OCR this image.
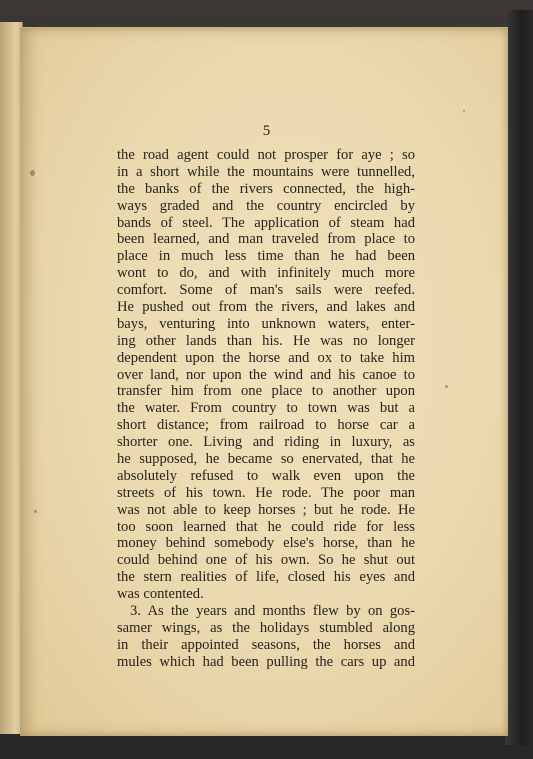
5
the road agent could not prosper for aye ; so
in a short while the mountains were tunnelled,
the banks of the rivers connected, the high-
ways graded and the country encircled by
bands of steel. The application of steam had
been learned, and man traveled from place to
place in much less time than he had been
wont to do, and with infinitely much more
comfort. Some of man's sails were reefed.
He pushed out from the rivers, and lakes and
bays, venturing into unknown waters, enter-
ing other lands than his. He was no longer
dependent upon the horse and ox to take him
over land, nor upon the wind and his canoe to
transfer him from one place to another upon
the water. From country to town was but a
short distance; from railroad to horse car a
shorter one. Living and riding in luxury, as
he supposed, he became so enervated, that he
absolutely refused to walk even upon the
streets of his town. He rode. The poor man
was not able to keep horses ; but he rode. He
too soon learned that he could ride for less
money behind somebody else's horse, than he
could behind one of his own. So he shut out
the stern realities of life, closed his eyes and
was contented.
3. As the years and months flew by on gos-
samer wings, as the holidays stumbled along
in their appointed seasons, the horses and
mules which had been pulling the cars up and
